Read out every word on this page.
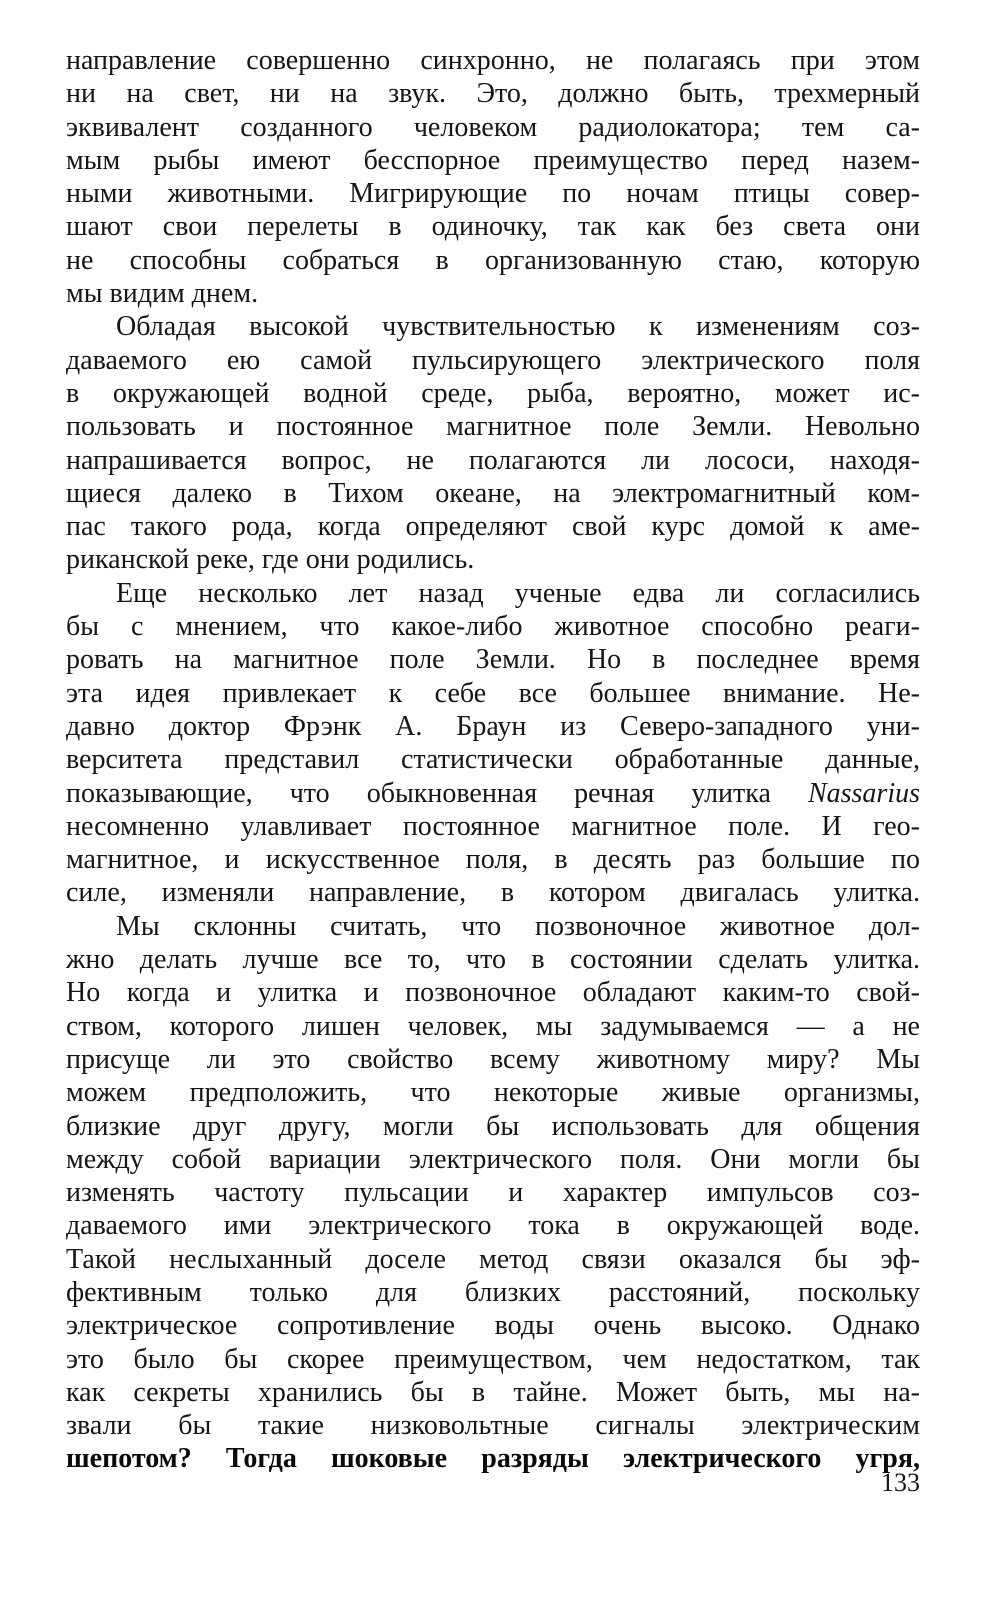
направление совершенно синхронно, не полагаясь при этом
ни на свет, ни на звук. Это, должно быть, трехмерный
эквивалент созданного человеком радиолокатора; тем са-
мым рыбы имеют бесспорное преимущество перед назем-
ными животными. Мигрирующие по ночам птицы совер-
шают свои перелеты в одиночку, так как без света они
не способны собраться в организованную стаю, которую
мы видим днем.
Обладая высокой чувствительностью к изменениям соз-
даваемого ею самой пульсирующего электрического поля
в окружающей водной среде, рыба, вероятно, может ис-
пользовать и постоянное магнитное поле Земли. Невольно
напрашивается вопрос, не полагаются ли лососи, находя-
щиеся далеко в Тихом океане, на электромагнитный ком-
пас такого рода, когда определяют свой курс домой к аме-
риканской реке, где они родились.
Еще несколько лет назад ученые едва ли согласились
бы с мнением, что какое-либо животное способно реаги-
ровать на магнитное поле Земли. Но в последнее время
эта идея привлекает к себе все большее внимание. Не-
давно доктор Фрэнк А. Браун из Северо-западного уни-
верситета представил статистически обработанные данные,
показывающие, что обыкновенная речная улитка Nassarius
несомненно улавливает постоянное магнитное поле. И гео-
магнитное, и искусственное поля, в десять раз большие по
силе, изменяли направление, в котором двигалась улитка.
Мы склонны считать, что позвоночное животное дол-
жно делать лучше все то, что в состоянии сделать улитка.
Но когда и улитка и позвоночное обладают каким-то свой-
ством, которого лишен человек, мы задумываемся — а не
присуще ли это свойство всему животному миру? Мы
можем предположить, что некоторые живые организмы,
близкие друг другу, могли бы использовать для общения
между собой вариации электрического поля. Они могли бы
изменять частоту пульсации и характер импульсов соз-
даваемого ими электрического тока в окружающей воде.
Такой неслыханный доселе метод связи оказался бы эф-
фективным только для близких расстояний, поскольку
электрическое сопротивление воды очень высоко. Однако
это было бы скорее преимуществом, чем недостатком, так
как секреты хранились бы в тайне. Может быть, мы на-
звали бы такие низковольтные сигналы электрическим
шепотом? Тогда шоковые разряды электрического угря,
133
